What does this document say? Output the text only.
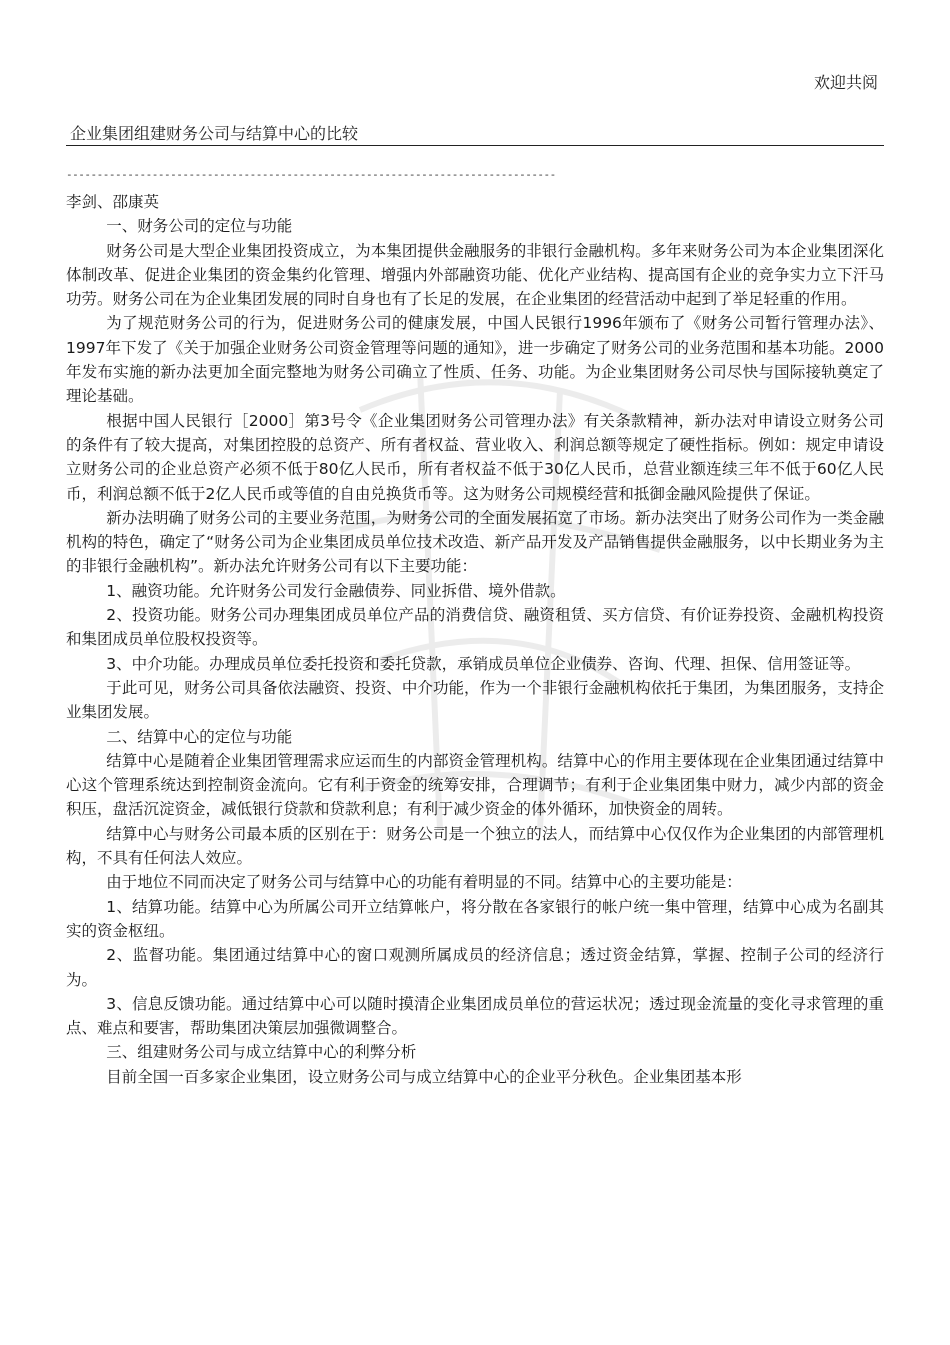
欢迎共阅
企业集团组建财务公司与结算中心的比较
--------------------------------------------------------------------------------

李剑、邵康英

一、财务公司的定位与功能

财务公司是大型企业集团投资成立，为本集团提供金融服务的非银行金融机构。多年来财务公司为本企业集团深化体制改革、促进企业集团的资金集约化管理、增强内外部融资功能、优化产业结构、提高国有企业的竞争实力立下汗马功劳。财务公司在为企业集团发展的同时自身也有了长足的发展，在企业集团的经营活动中起到了举足轻重的作用。

为了规范财务公司的行为，促进财务公司的健康发展，中国人民银行1996年颁布了《财务公司暂行管理办法》、1997年下发了《关于加强企业财务公司资金管理等问题的通知》，进一步确定了财务公司的业务范围和基本功能。2000年发布实施的新办法更加全面完整地为财务公司确立了性质、任务、功能。为企业集团财务公司尽快与国际接轨奠定了理论基础。

根据中国人民银行［2000］第3号令《企业集团财务公司管理办法》有关条款精神，新办法对申请设立财务公司的条件有了较大提高，对集团控股的总资产、所有者权益、营业收入、利润总额等规定了硬性指标。例如：规定申请设立财务公司的企业总资产必须不低于80亿人民币，所有者权益不低于30亿人民币，总营业额连续三年不低于60亿人民币，利润总额不低于2亿人民币或等值的自由兑换货币等。这为财务公司规模经营和抵御金融风险提供了保证。

新办法明确了财务公司的主要业务范围，为财务公司的全面发展拓宽了市场。新办法突出了财务公司作为一类金融机构的特色，确定了“财务公司为企业集团成员单位技术改造、新产品开发及产品销售提供金融服务，以中长期业务为主的非银行金融机构”。新办法允许财务公司有以下主要功能：

1、融资功能。允许财务公司发行金融债券、同业拆借、境外借款。

2、投资功能。财务公司办理集团成员单位产品的消费信贷、融资租赁、买方信贷、有价证券投资、金融机构投资和集团成员单位股权投资等。

3、中介功能。办理成员单位委托投资和委托贷款，承销成员单位企业债券、咨询、代理、担保、信用签证等。

于此可见，财务公司具备依法融资、投资、中介功能，作为一个非银行金融机构依托于集团，为集团服务，支持企业集团发展。

二、结算中心的定位与功能

结算中心是随着企业集团管理需求应运而生的内部资金管理机构。结算中心的作用主要体现在企业集团通过结算中心这个管理系统达到控制资金流向。它有利于资金的统筹安排，合理调节；有利于企业集团集中财力，减少内部的资金积压，盘活沉淀资金，减低银行贷款和贷款利息；有利于减少资金的体外循环，加快资金的周转。

结算中心与财务公司最本质的区别在于：财务公司是一个独立的法人，而结算中心仅仅作为企业集团的内部管理机构，不具有任何法人效应。

由于地位不同而决定了财务公司与结算中心的功能有着明显的不同。结算中心的主要功能是：

1、结算功能。结算中心为所属公司开立结算帐户，将分散在各家银行的帐户统一集中管理，结算中心成为名副其实的资金枢纽。

2、监督功能。集团通过结算中心的窗口观测所属成员的经济信息；透过资金结算，掌握、控制子公司的经济行为。

3、信息反馈功能。通过结算中心可以随时摸清企业集团成员单位的营运状况；透过现金流量的变化寻求管理的重点、难点和要害，帮助集团决策层加强微调整合。

三、组建财务公司与成立结算中心的利弊分析

目前全国一百多家企业集团，设立财务公司与成立结算中心的企业平分秋色。企业集团基本形
